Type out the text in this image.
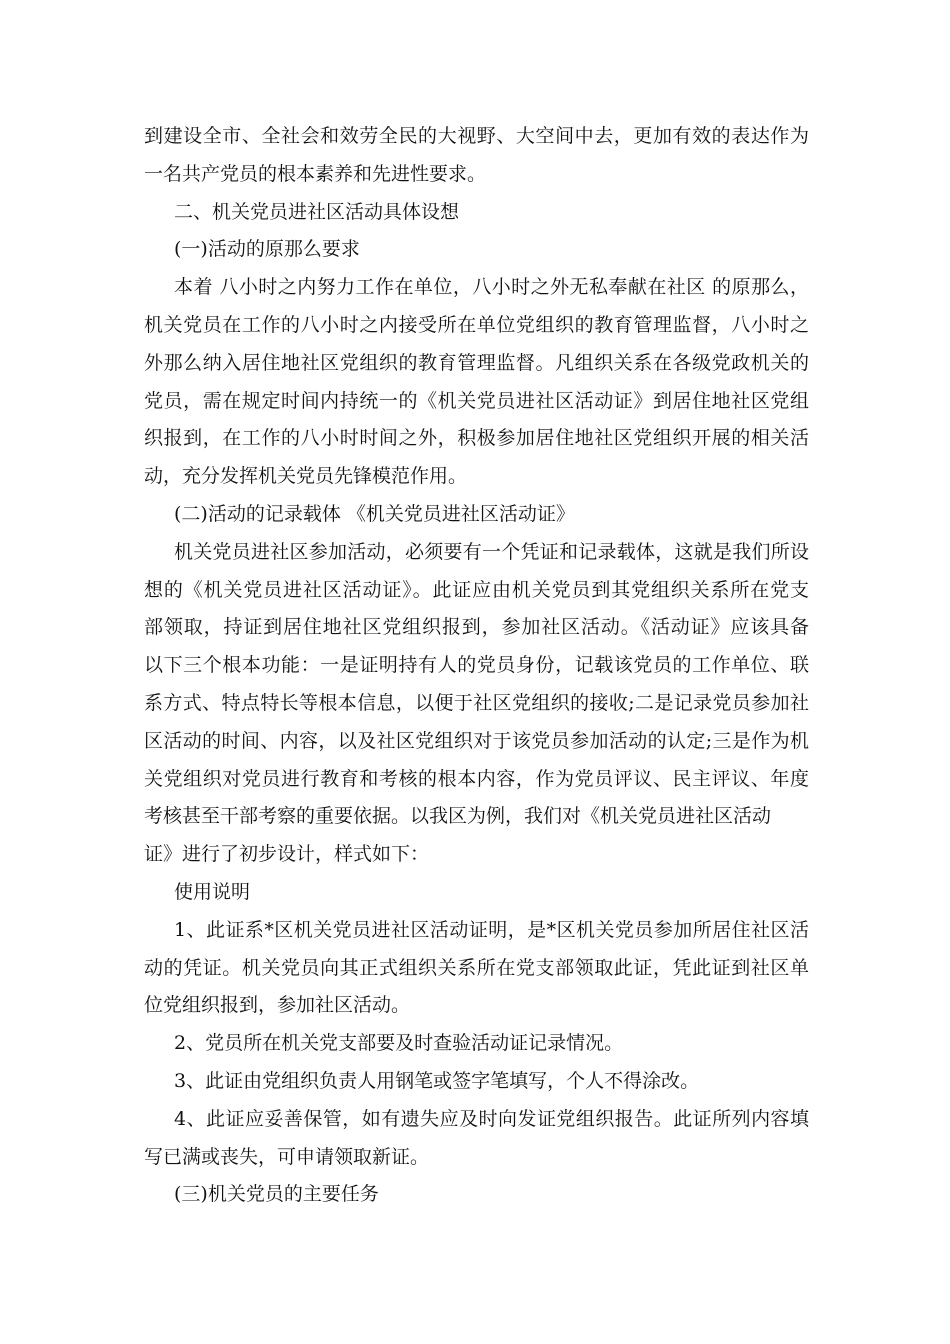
到建设全市、全社会和效劳全民的大视野、大空间中去，更加有效的表达作为
一名共产党员的根本素养和先进性要求。
二、机关党员进社区活动具体设想
(一)活动的原那么要求
本着 八小时之内努力工作在单位，八小时之外无私奉献在社区 的原那么，
机关党员在工作的八小时之内接受所在单位党组织的教育管理监督，八小时之
外那么纳入居住地社区党组织的教育管理监督。凡组织关系在各级党政机关的
党员，需在规定时间内持统一的《机关党员进社区活动证》到居住地社区党组
织报到，在工作的八小时时间之外，积极参加居住地社区党组织开展的相关活
动，充分发挥机关党员先锋模范作用。
(二)活动的记录载体 《机关党员进社区活动证》
机关党员进社区参加活动，必须要有一个凭证和记录载体，这就是我们所设
想的《机关党员进社区活动证》。此证应由机关党员到其党组织关系所在党支
部领取，持证到居住地社区党组织报到，参加社区活动。《活动证》应该具备
以下三个根本功能：一是证明持有人的党员身份，记载该党员的工作单位、联
系方式、特点特长等根本信息，以便于社区党组织的接收;二是记录党员参加社
区活动的时间、内容，以及社区党组织对于该党员参加活动的认定;三是作为机
关党组织对党员进行教育和考核的根本内容，作为党员评议、民主评议、年度
考核甚至干部考察的重要依据。以我区为例，我们对《机关党员进社区活动
证》进行了初步设计，样式如下：
使用说明
1、此证系*区机关党员进社区活动证明，是*区机关党员参加所居住社区活
动的凭证。机关党员向其正式组织关系所在党支部领取此证，凭此证到社区单
位党组织报到，参加社区活动。
2、党员所在机关党支部要及时查验活动证记录情况。
3、此证由党组织负责人用钢笔或签字笔填写，个人不得涂改。
4、此证应妥善保管，如有遗失应及时向发证党组织报告。此证所列内容填
写已满或丧失，可申请领取新证。
(三)机关党员的主要任务
